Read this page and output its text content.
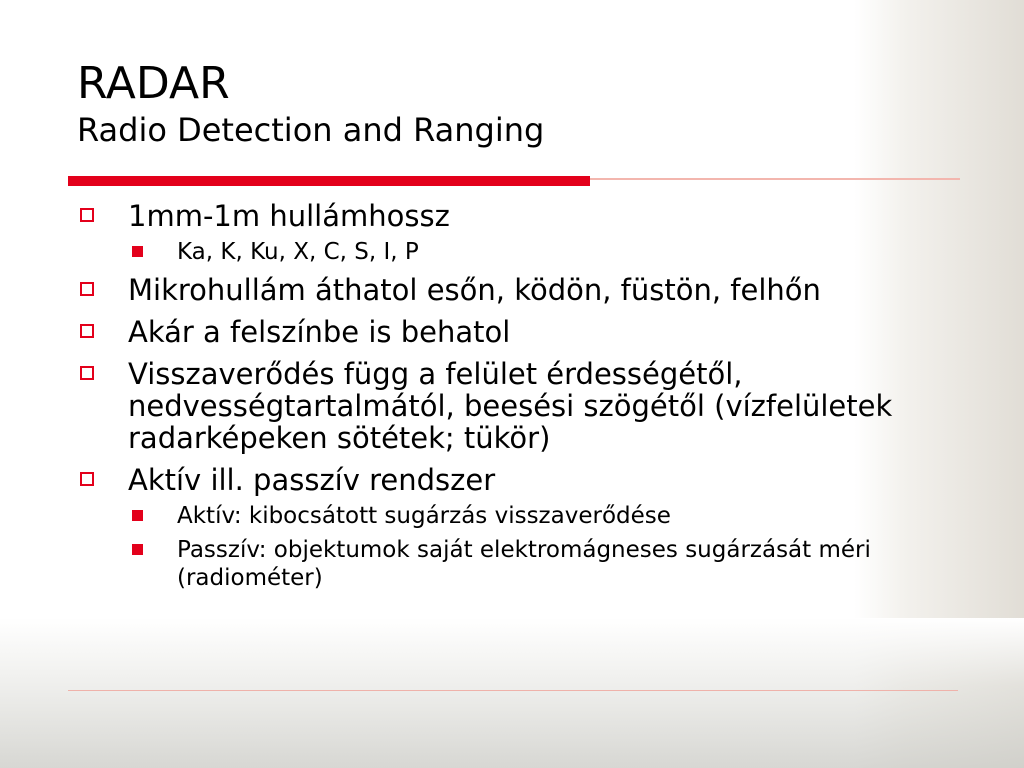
RADAR
Radio Detection and Ranging

1mm-1m hullámhossz

Ka, K, Ku, X, C, S, I, P

Mikrohullám áthatol esőn, ködön, füstön, felhőn

Akár a felszínbe is behatol

Visszaverődés függ a felület érdességétől, nedvességtartalmától, beesési szögétől (vízfelületek radarképeken sötétek; tükör)

Aktív ill. passzív rendszer

Aktív: kibocsátott sugárzás visszaverődése

Passzív: objektumok saját elektromágneses sugárzását méri (radiométer)
